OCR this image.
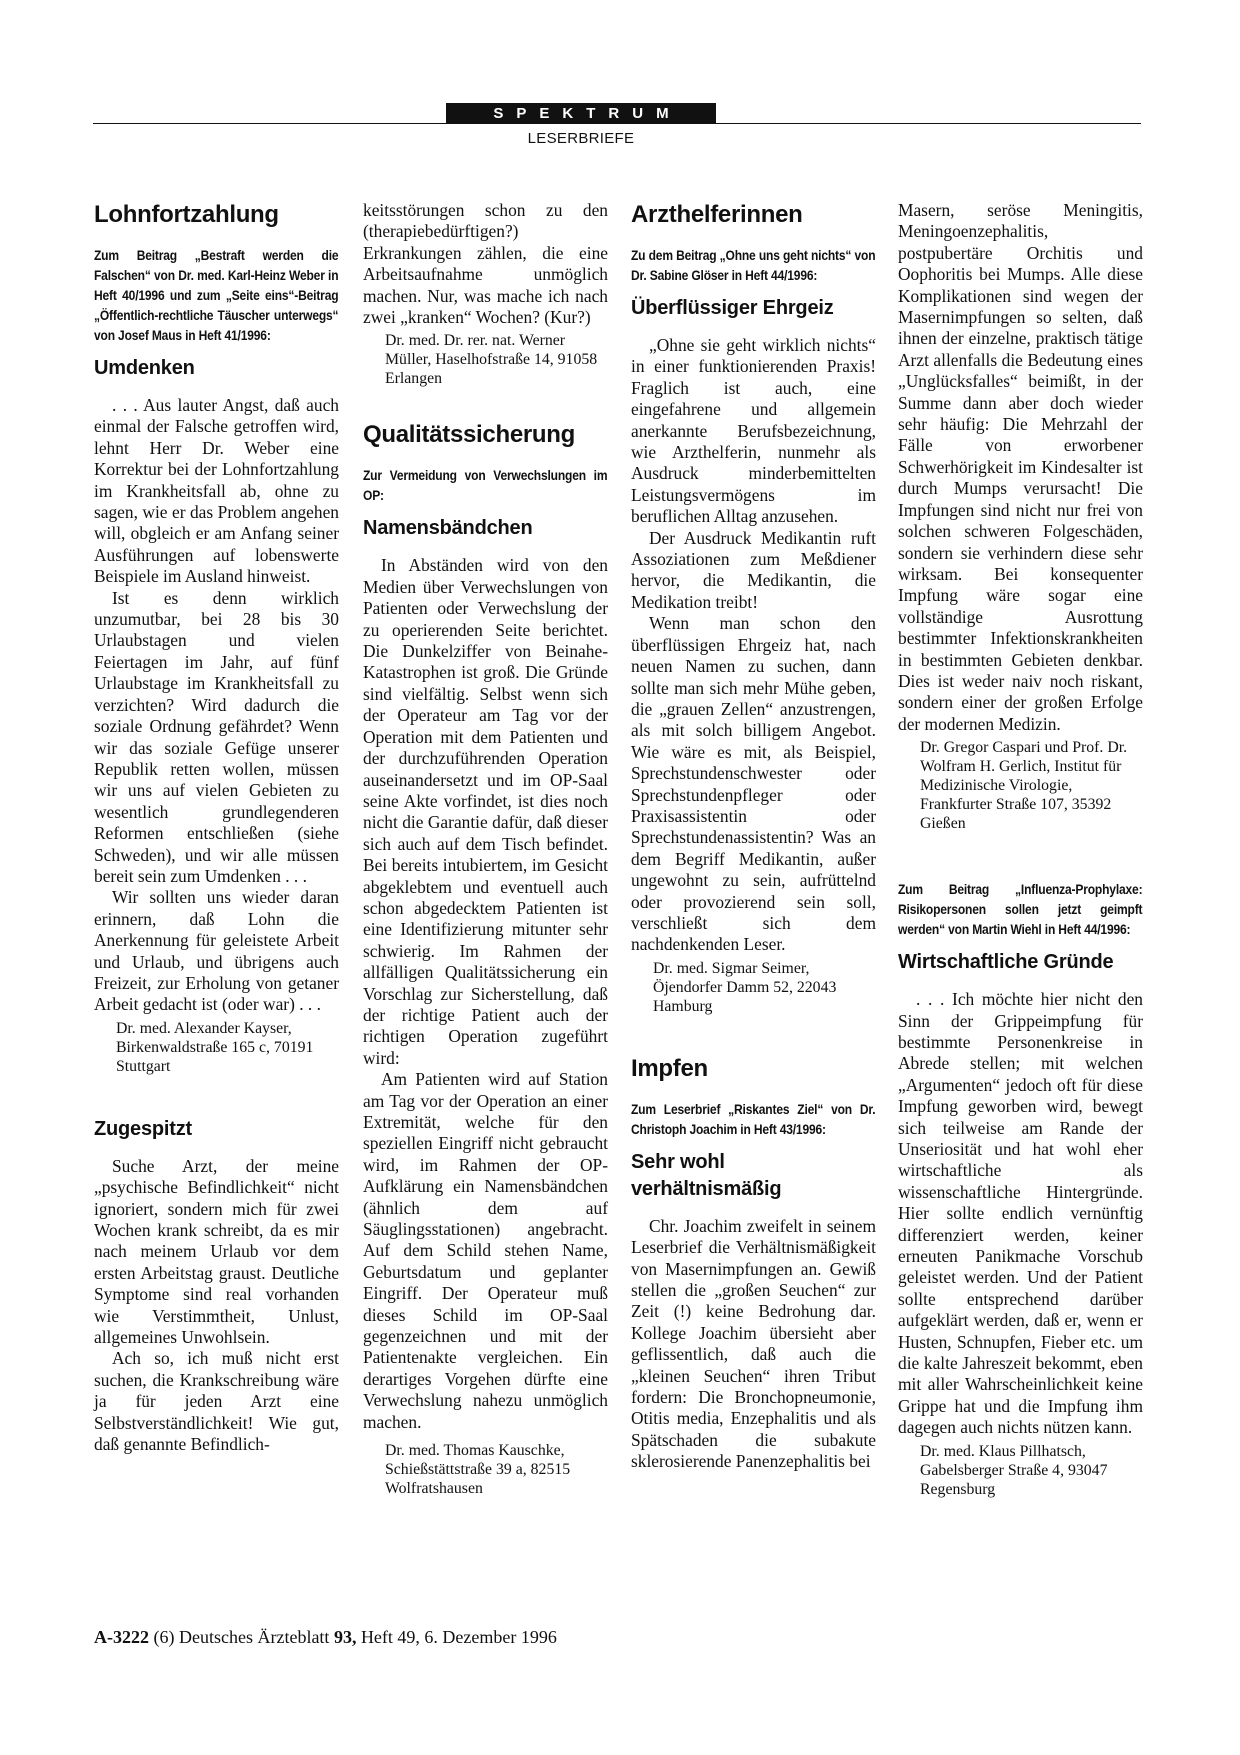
SPEKTRUM
LESERBRIEFE
Lohnfortzahlung

Zum Beitrag „Bestraft werden die Falschen“ von Dr. med. Karl-Heinz Weber in Heft 40/1996 und zum „Seite eins“-Beitrag „Öffentlich-rechtliche Täuscher unterwegs“ von Josef Maus in Heft 41/1996:

Umdenken

. . . Aus lauter Angst, daß auch einmal der Falsche getroffen wird, lehnt Herr Dr. Weber eine Korrektur bei der Lohnfortzahlung im Krankheitsfall ab, ohne zu sagen, wie er das Problem angehen will, obgleich er am Anfang seiner Ausführungen auf lobenswerte Beispiele im Ausland hinweist.

Ist es denn wirklich unzumutbar, bei 28 bis 30 Urlaubstagen und vielen Feiertagen im Jahr, auf fünf Urlaubstage im Krankheitsfall zu verzichten? Wird dadurch die soziale Ordnung gefährdet? Wenn wir das soziale Gefüge unserer Republik retten wollen, müssen wir uns auf vielen Gebieten zu wesentlich grundlegenderen Reformen entschließen (siehe Schweden), und wir alle müssen bereit sein zum Umdenken . . .

Wir sollten uns wieder daran erinnern, daß Lohn die Anerkennung für geleistete Arbeit und Urlaub, und übrigens auch Freizeit, zur Erholung von getaner Arbeit gedacht ist (oder war) . . .

Dr. med. Alexander Kayser, Birkenwaldstraße 165 c, 70191 Stuttgart

Zugespitzt

Suche Arzt, der meine „psychische Befindlichkeit“ nicht ignoriert, sondern mich für zwei Wochen krank schreibt, da es mir nach meinem Urlaub vor dem ersten Arbeitstag graust. Deutliche Symptome sind real vorhanden wie Verstimmtheit, Unlust, allgemeines Unwohlsein.

Ach so, ich muß nicht erst suchen, die Krankschreibung wäre ja für jeden Arzt eine Selbstverständlichkeit! Wie gut, daß genannte Befindlich-

keitsstörungen schon zu den (therapiebedürftigen?) Erkrankungen zählen, die eine Arbeitsaufnahme unmöglich machen. Nur, was mache ich nach zwei „kranken“ Wochen? (Kur?)

Dr. med. Dr. rer. nat. Werner Müller, Haselhofstraße 14, 91058 Erlangen

Qualitätssicherung

Zur Vermeidung von Verwechslungen im OP:

Namensbändchen

In Abständen wird von den Medien über Verwechslungen von Patienten oder Verwechslung der zu operierenden Seite berichtet. Die Dunkelziffer von Beinahe-Katastrophen ist groß. Die Gründe sind vielfältig. Selbst wenn sich der Operateur am Tag vor der Operation mit dem Patienten und der durchzuführenden Operation auseinandersetzt und im OP-Saal seine Akte vorfindet, ist dies noch nicht die Garantie dafür, daß dieser sich auch auf dem Tisch befindet. Bei bereits intubiertem, im Gesicht abgeklebtem und eventuell auch schon abgedecktem Patienten ist eine Identifizierung mitunter sehr schwierig. Im Rahmen der allfälligen Qualitätssicherung ein Vorschlag zur Sicherstellung, daß der richtige Patient auch der richtigen Operation zugeführt wird:

Am Patienten wird auf Station am Tag vor der Operation an einer Extremität, welche für den speziellen Eingriff nicht gebraucht wird, im Rahmen der OP-Aufklärung ein Namensbändchen (ähnlich dem auf Säuglingsstationen) angebracht. Auf dem Schild stehen Name, Geburtsdatum und geplanter Eingriff. Der Operateur muß dieses Schild im OP-Saal gegenzeichnen und mit der Patientenakte vergleichen. Ein derartiges Vorgehen dürfte eine Verwechslung nahezu unmöglich machen.

Dr. med. Thomas Kauschke, Schießstättstraße 39 a, 82515 Wolfratshausen

Arzthelferinnen

Zu dem Beitrag „Ohne uns geht nichts“ von Dr. Sabine Glöser in Heft 44/1996:

Überflüssiger Ehrgeiz

„Ohne sie geht wirklich nichts“ in einer funktionierenden Praxis! Fraglich ist auch, eine eingefahrene und allgemein anerkannte Berufsbezeichnung, wie Arzthelferin, nunmehr als Ausdruck minderbemittelten Leistungsvermögens im beruflichen Alltag anzusehen.

Der Ausdruck Medikantin ruft Assoziationen zum Meßdiener hervor, die Medikantin, die Medikation treibt!

Wenn man schon den überflüssigen Ehrgeiz hat, nach neuen Namen zu suchen, dann sollte man sich mehr Mühe geben, die „grauen Zellen“ anzustrengen, als mit solch billigem Angebot. Wie wäre es mit, als Beispiel, Sprechstundenschwester oder Sprechstundenpfleger oder Praxisassistentin oder Sprechstundenassistentin? Was an dem Begriff Medikantin, außer ungewohnt zu sein, aufrüttelnd oder provozierend sein soll, verschließt sich dem nachdenkenden Leser.

Dr. med. Sigmar Seimer, Öjendorfer Damm 52, 22043 Hamburg

Impfen

Zum Leserbrief „Riskantes Ziel“ von Dr. Christoph Joachim in Heft 43/1996:

Sehr wohl verhältnismäßig

Chr. Joachim zweifelt in seinem Leserbrief die Verhältnismäßigkeit von Masernimpfungen an. Gewiß stellen die „großen Seuchen“ zur Zeit (!) keine Bedrohung dar. Kollege Joachim übersieht aber geflissentlich, daß auch die „kleinen Seuchen“ ihren Tribut fordern: Die Bronchopneumonie, Otitis media, Enzephalitis und als Spätschaden die subakute sklerosierende Panenzephalitis bei

Masern, seröse Meningitis, Meningoenzephalitis, postpubertäre Orchitis und Oophoritis bei Mumps. Alle diese Komplikationen sind wegen der Masernimpfungen so selten, daß ihnen der einzelne, praktisch tätige Arzt allenfalls die Bedeutung eines „Unglücksfalles“ beimißt, in der Summe dann aber doch wieder sehr häufig: Die Mehrzahl der Fälle von erworbener Schwerhörigkeit im Kindesalter ist durch Mumps verursacht! Die Impfungen sind nicht nur frei von solchen schweren Folgeschäden, sondern sie verhindern diese sehr wirksam. Bei konsequenter Impfung wäre sogar eine vollständige Ausrottung bestimmter Infektionskrankheiten in bestimmten Gebieten denkbar. Dies ist weder naiv noch riskant, sondern einer der großen Erfolge der modernen Medizin.

Dr. Gregor Caspari und Prof. Dr. Wolfram H. Gerlich, Institut für Medizinische Virologie, Frankfurter Straße 107, 35392 Gießen

Zum Beitrag „Influenza-Prophylaxe: Risikopersonen sollen jetzt geimpft werden“ von Martin Wiehl in Heft 44/1996:

Wirtschaftliche Gründe

. . . Ich möchte hier nicht den Sinn der Grippeimpfung für bestimmte Personenkreise in Abrede stellen; mit welchen „Argumenten“ jedoch oft für diese Impfung geworben wird, bewegt sich teilweise am Rande der Unseriosität und hat wohl eher wirtschaftliche als wissenschaftliche Hintergründe. Hier sollte endlich vernünftig differenziert werden, keiner erneuten Panikmache Vorschub geleistet werden. Und der Patient sollte entsprechend darüber aufgeklärt werden, daß er, wenn er Husten, Schnupfen, Fieber etc. um die kalte Jahreszeit bekommt, eben mit aller Wahrscheinlichkeit keine Grippe hat und die Impfung ihm dagegen auch nichts nützen kann.

Dr. med. Klaus Pillhatsch, Gabelsberger Straße 4, 93047 Regensburg

A-3222 (6) Deutsches Ärzteblatt 93, Heft 49, 6. Dezember 1996
